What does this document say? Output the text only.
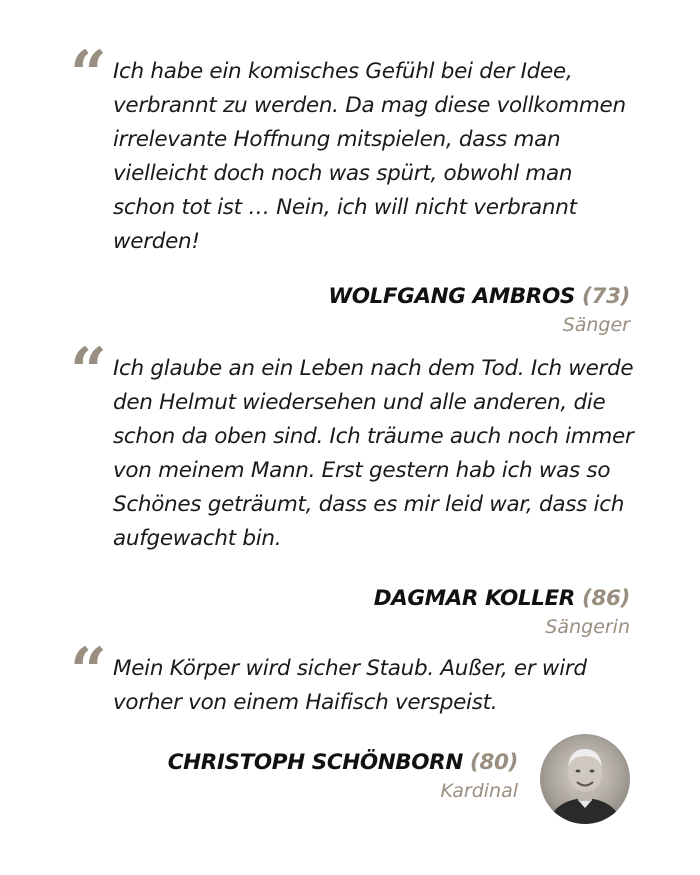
“ Ich habe ein komisches Gefühl bei der Idee, verbrannt zu werden. Da mag diese vollkommen irrelevante Hoffnung mitspielen, dass man vielleicht doch noch was spürt, obwohl man schon tot ist … Nein, ich will nicht verbrannt werden!
WOLFGANG AMBROS (73)
Sänger
“ Ich glaube an ein Leben nach dem Tod. Ich werde den Helmut wiedersehen und alle anderen, die schon da oben sind. Ich träume auch noch immer von meinem Mann. Erst gestern hab ich was so Schönes geträumt, dass es mir leid war, dass ich aufgewacht bin.
DAGMAR KOLLER (86)
Sängerin
“ Mein Körper wird sicher Staub. Außer, er wird vorher von einem Haifisch verspeist.
CHRISTOPH SCHÖNBORN (80)
Kardinal
